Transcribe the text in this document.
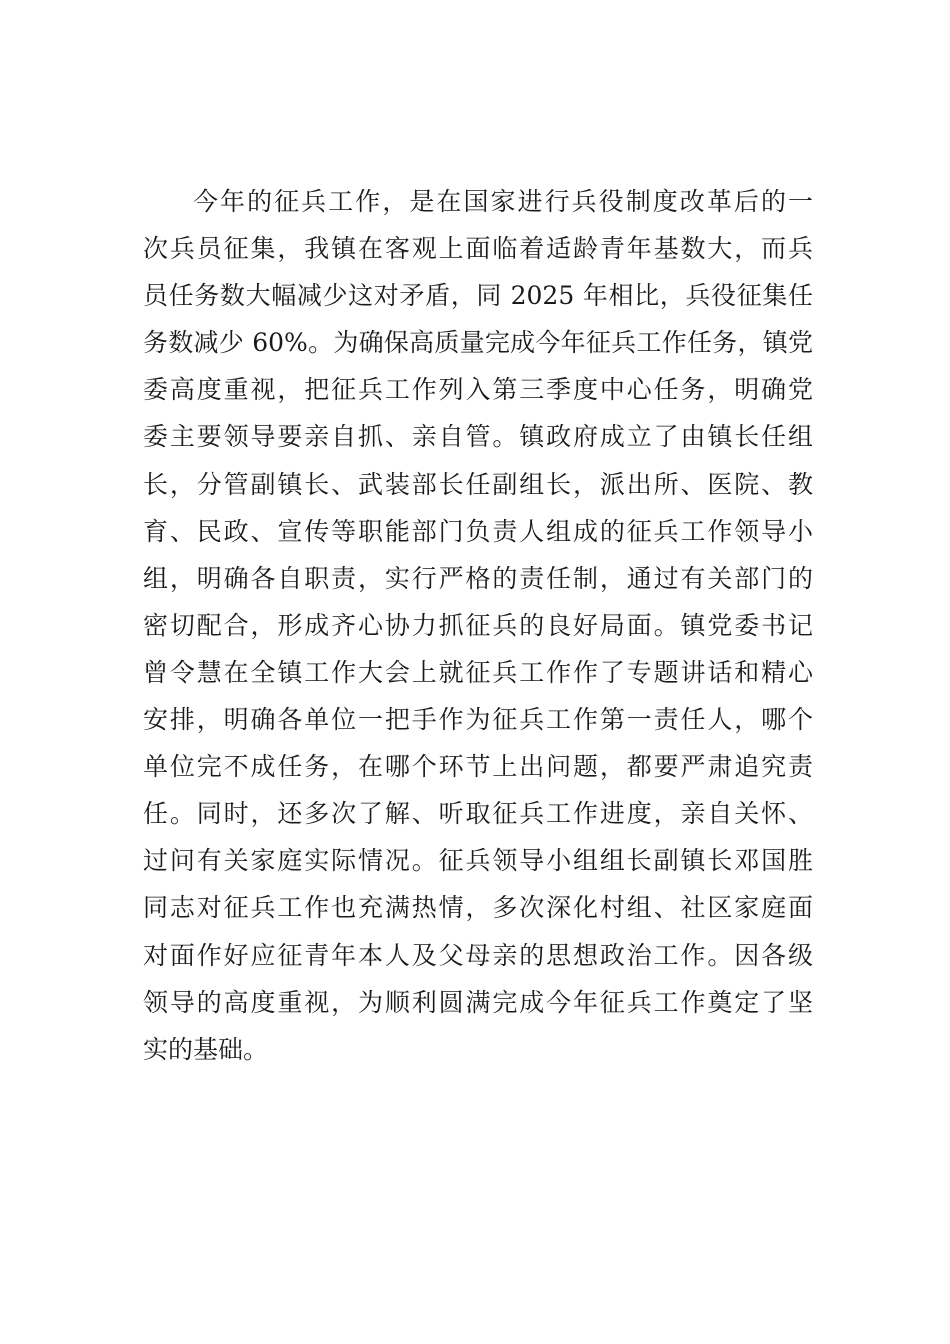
今年的征兵工作，是在国家进行兵役制度改革后的一
次兵员征集，我镇在客观上面临着适龄青年基数大，而兵
员任务数大幅减少这对矛盾，同 2025 年相比，兵役征集任
务数减少 60%。为确保高质量完成今年征兵工作任务，镇党
委高度重视，把征兵工作列入第三季度中心任务，明确党
委主要领导要亲自抓、亲自管。镇政府成立了由镇长任组
长，分管副镇长、武装部长任副组长，派出所、医院、教
育、民政、宣传等职能部门负责人组成的征兵工作领导小
组，明确各自职责，实行严格的责任制，通过有关部门的
密切配合，形成齐心协力抓征兵的良好局面。镇党委书记
曾令慧在全镇工作大会上就征兵工作作了专题讲话和精心
安排，明确各单位一把手作为征兵工作第一责任人，哪个
单位完不成任务，在哪个环节上出问题，都要严肃追究责
任。同时，还多次了解、听取征兵工作进度，亲自关怀、
过问有关家庭实际情况。征兵领导小组组长副镇长邓国胜
同志对征兵工作也充满热情，多次深化村组、社区家庭面
对面作好应征青年本人及父母亲的思想政治工作。因各级
领导的高度重视，为顺利圆满完成今年征兵工作奠定了坚
实的基础。
